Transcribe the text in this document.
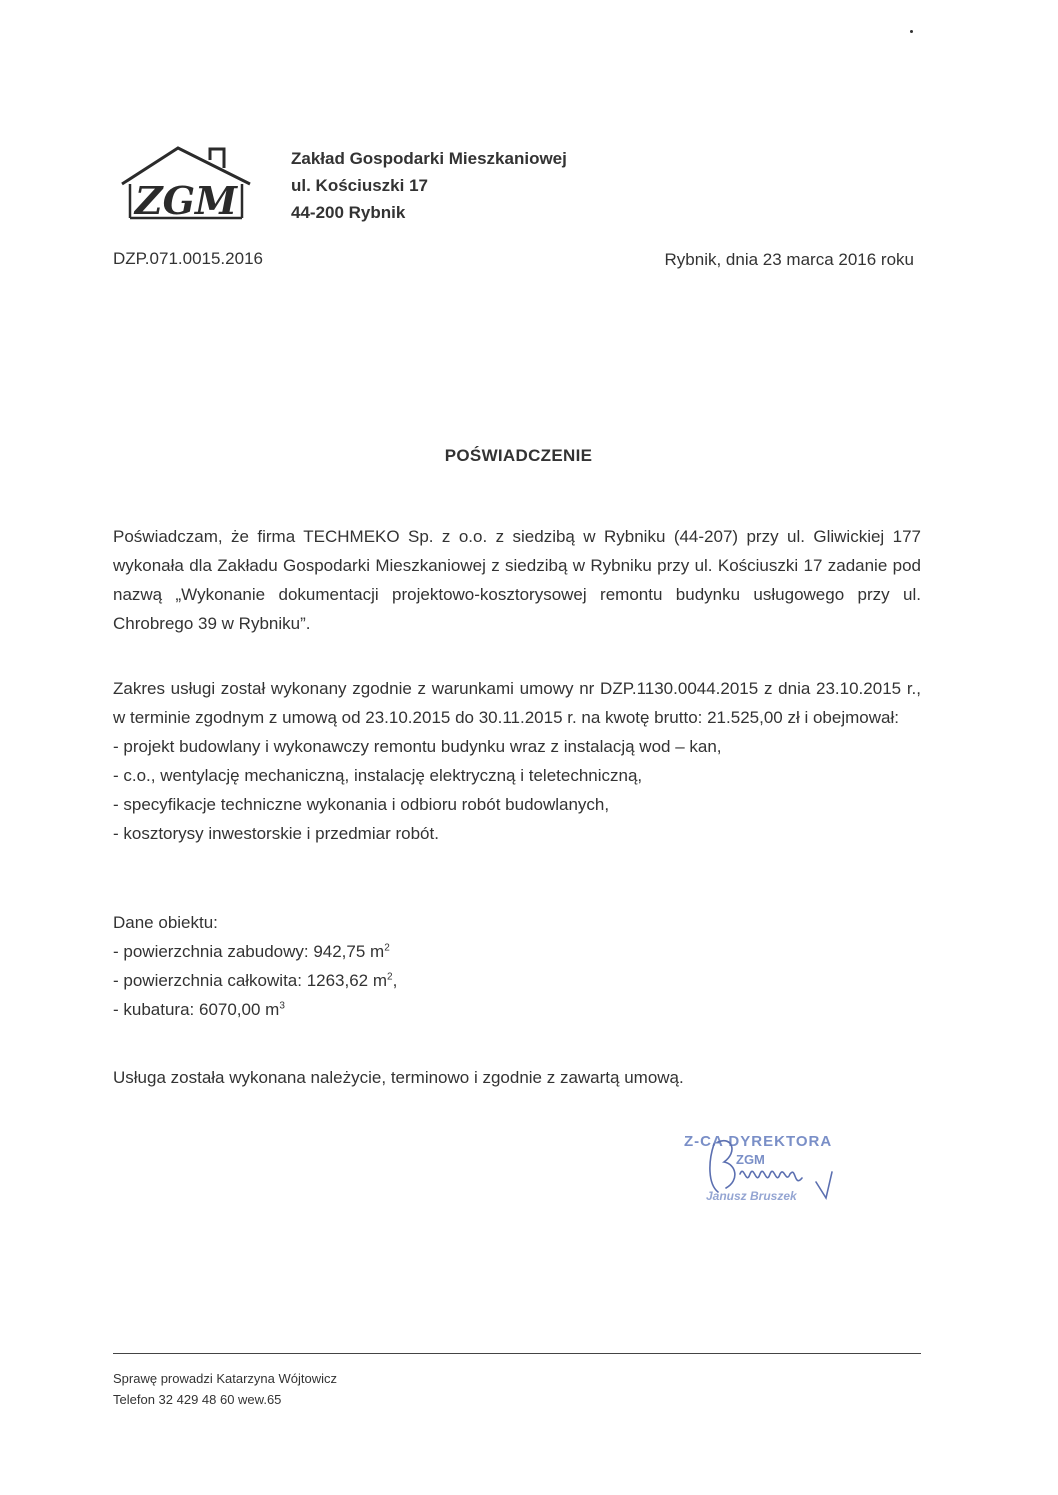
ZGM
Zakład Gospodarki Mieszkaniowej
ul. Kościuszki 17
44-200 Rybnik
DZP.071.0015.2016	Rybnik, dnia 23 marca 2016 roku
POŚWIADCZENIE
Poświadczam, że firma TECHMEKO Sp. z o.o. z siedzibą w Rybniku (44-207) przy ul. Gliwickiej 177 wykonała dla Zakładu Gospodarki Mieszkaniowej z siedzibą w Rybniku przy ul. Kościuszki 17 zadanie pod nazwą „Wykonanie dokumentacji projektowo-kosztorysowej remontu budynku usługowego przy ul. Chrobrego 39 w Rybniku”.

Zakres usługi został wykonany zgodnie z warunkami umowy nr DZP.1130.0044.2015 z dnia 23.10.2015 r., w terminie zgodnym z umową od 23.10.2015 do 30.11.2015 r. na kwotę brutto: 21.525,00 zł i obejmował:

- projekt budowlany i wykonawczy remontu budynku wraz z instalacją wod – kan,
- c.o., wentylację mechaniczną, instalację elektryczną i teletechniczną,
- specyfikacje techniczne wykonania i odbioru robót budowlanych,
- kosztorysy inwestorskie i przedmiar robót.
Dane obiektu:
- powierzchnia zabudowy: 942,75 $m^2$
- powierzchnia całkowita: 1263,62 $m^2$,
- kubatura: 6070,00 $m^3$
Usługa została wykonana należycie, terminowo i zgodnie z zawartą umową.
Z-CA DYREKTORA
ZGM
Janusz Bruszek
Sprawę prowadzi Katarzyna Wójtowicz
Telefon 32 429 48 60 wew.65
